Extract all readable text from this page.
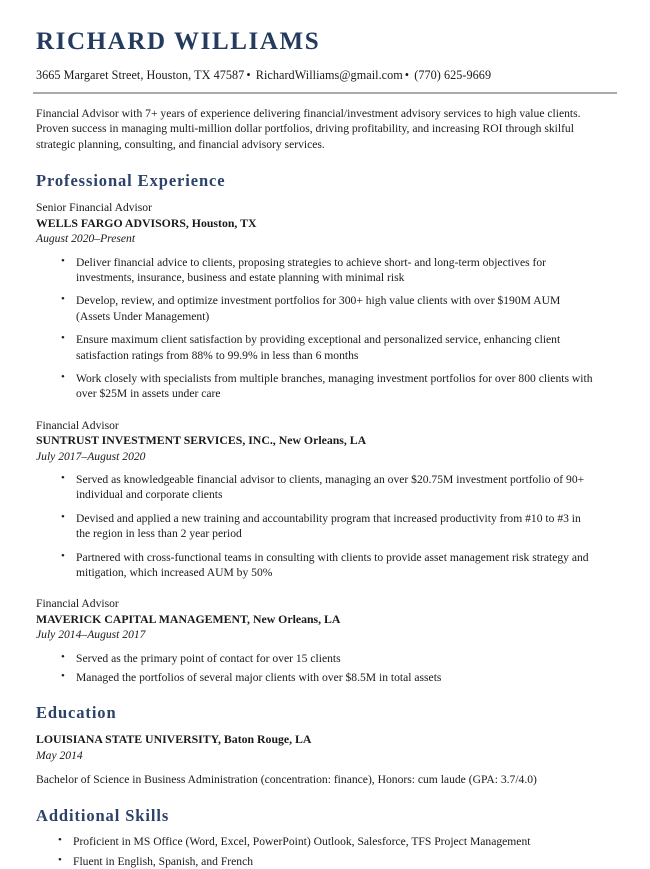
RICHARD WILLIAMS
3665 Margaret Street, Houston, TX 47587 • RichardWilliams@gmail.com • (770) 625-9669

Financial Advisor with 7+ years of experience delivering financial/investment advisory services to high value clients. Proven success in managing multi-million dollar portfolios, driving profitability, and increasing ROI through skilful strategic planning, consulting, and financial advisory services.

Professional Experience
Senior Financial Advisor
WELLS FARGO ADVISORS, Houston, TX
August 2020–Present
• Deliver financial advice to clients, proposing strategies to achieve short- and long-term objectives for investments, insurance, business and estate planning with minimal risk
• Develop, review, and optimize investment portfolios for 300+ high value clients with over $190M AUM (Assets Under Management)
• Ensure maximum client satisfaction by providing exceptional and personalized service, enhancing client satisfaction ratings from 88% to 99.9% in less than 6 months
• Work closely with specialists from multiple branches, managing investment portfolios for over 800 clients with over $25M in assets under care
Financial Advisor
SUNTRUST INVESTMENT SERVICES, INC., New Orleans, LA
July 2017–August 2020
• Served as knowledgeable financial advisor to clients, managing an over $20.75M investment portfolio of 90+ individual and corporate clients
• Devised and applied a new training and accountability program that increased productivity from #10 to #3 in the region in less than 2 year period
• Partnered with cross-functional teams in consulting with clients to provide asset management risk strategy and mitigation, which increased AUM by 50%
Financial Advisor
MAVERICK CAPITAL MANAGEMENT, New Orleans, LA
July 2014–August 2017
• Served as the primary point of contact for over 15 clients
• Managed the portfolios of several major clients with over $8.5M in total assets
Education
LOUISIANA STATE UNIVERSITY, Baton Rouge, LA
May 2014
Bachelor of Science in Business Administration (concentration: finance), Honors: cum laude (GPA: 3.7/4.0)
Additional Skills
• Proficient in MS Office (Word, Excel, PowerPoint) Outlook, Salesforce, TFS Project Management
• Fluent in English, Spanish, and French
